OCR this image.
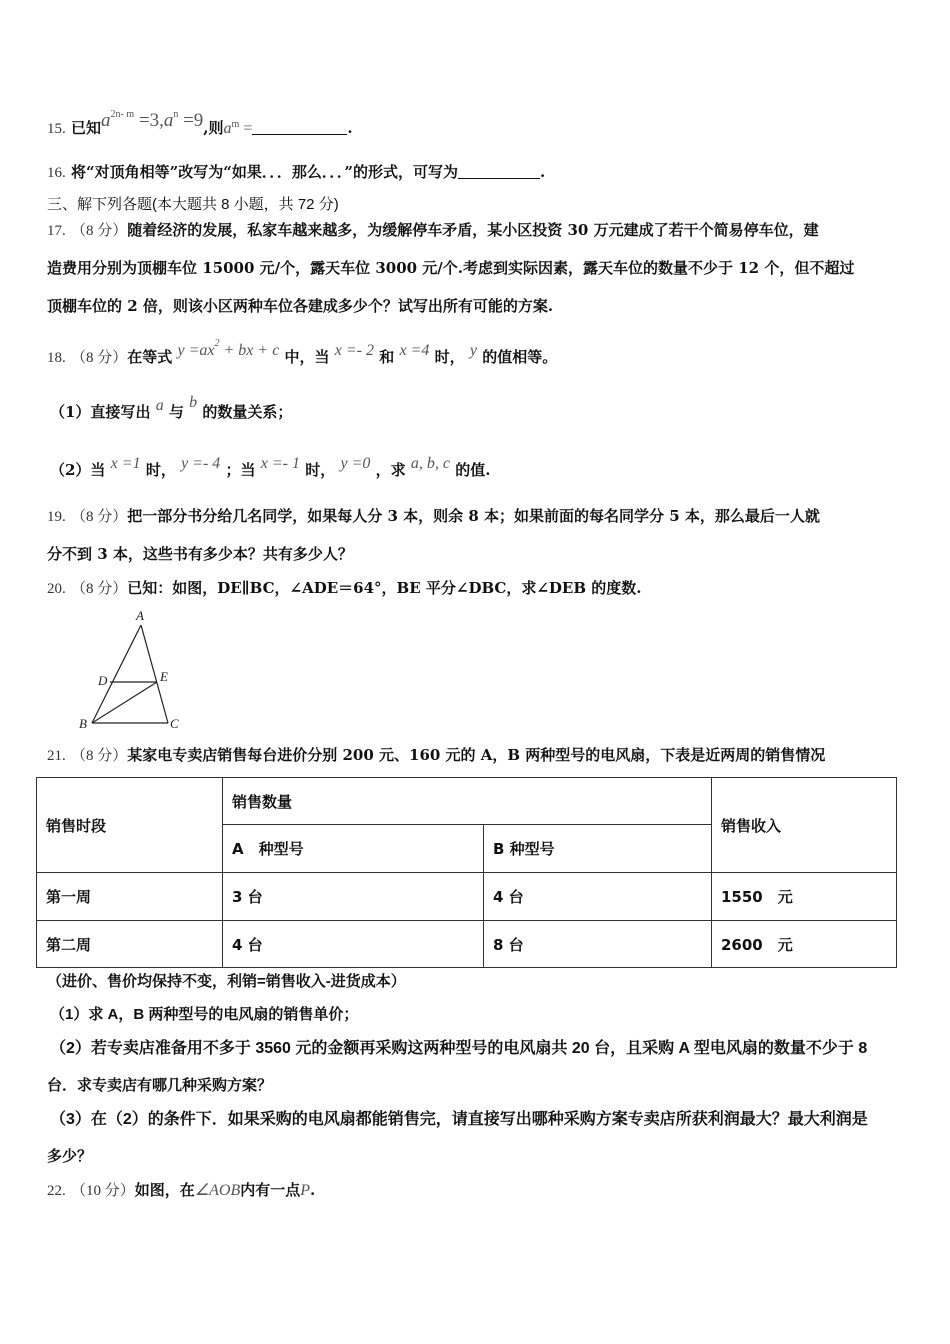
15. 已知$a^{2n- m} =3,a^n =9$,则$a^m$ =	.
16. 将“对顶角相等”改写为“如果．．．那么．．．”的形式，可写为	.
三、解下列各题(本大题共 8 小题，共 72 分)
17. （8 分）随着经济的发展，私家车越来越多，为缓解停车矛盾，某小区投资 30 万元建成了若干个简易停车位，建
造费用分别为顶棚车位 15000 元/个，露天车位 3000 元/个.考虑到实际因素，露天车位的数量不少于 12 个，但不超过
顶棚车位的 2 倍，则该小区两种车位各建成多少个？试写出所有可能的方案.
18. （8 分）在等式 $y =ax^2$ + bx + c 中，当 x =- 2 和 x =4 时， y 的值相等。
（1）直接写出 a 与 b 的数量关系；
（2）当 x =1 时， y =- 4 ；当 x =- 1 时， y =0 ，求 a, b, c 的值.
19. （8 分）把一部分书分给几名同学，如果每人分 3 本，则余 8 本；如果前面的每名同学分 5 本，那么最后一人就
分不到 3 本，这些书有多少本？共有多少人？
20. （8 分）已知：如图，DE∥BC，∠ADE＝64°，BE 平分∠DBC，求∠DEB 的度数.
A
D	E
B	C
21. （8 分）某家电专卖店销售每台进价分别 200 元、160 元的 A，B 两种型号的电风扇，下表是近两周的销售情况
销售时段	销售数量		销售收入
	A　种型号	B 种型号	
第一周	3 台	4 台	1550　元
第二周	4 台	8 台	2600　元
（进价、售价均保持不变，利销=销售收入-进货成本）
（1）求 A，B 两种型号的电风扇的销售单价；
（2）若专卖店准备用不多于 3560 元的金额再采购这两种型号的电风扇共 20 台，且采购 A 型电风扇的数量不少于 8
台．求专卖店有哪几种采购方案？
（3）在（2）的条件下．如果采购的电风扇都能销售完，请直接写出哪种采购方案专卖店所获利润最大？最大利润是
多少？
22. （10 分）如图，在∠AOB内有一点P.
